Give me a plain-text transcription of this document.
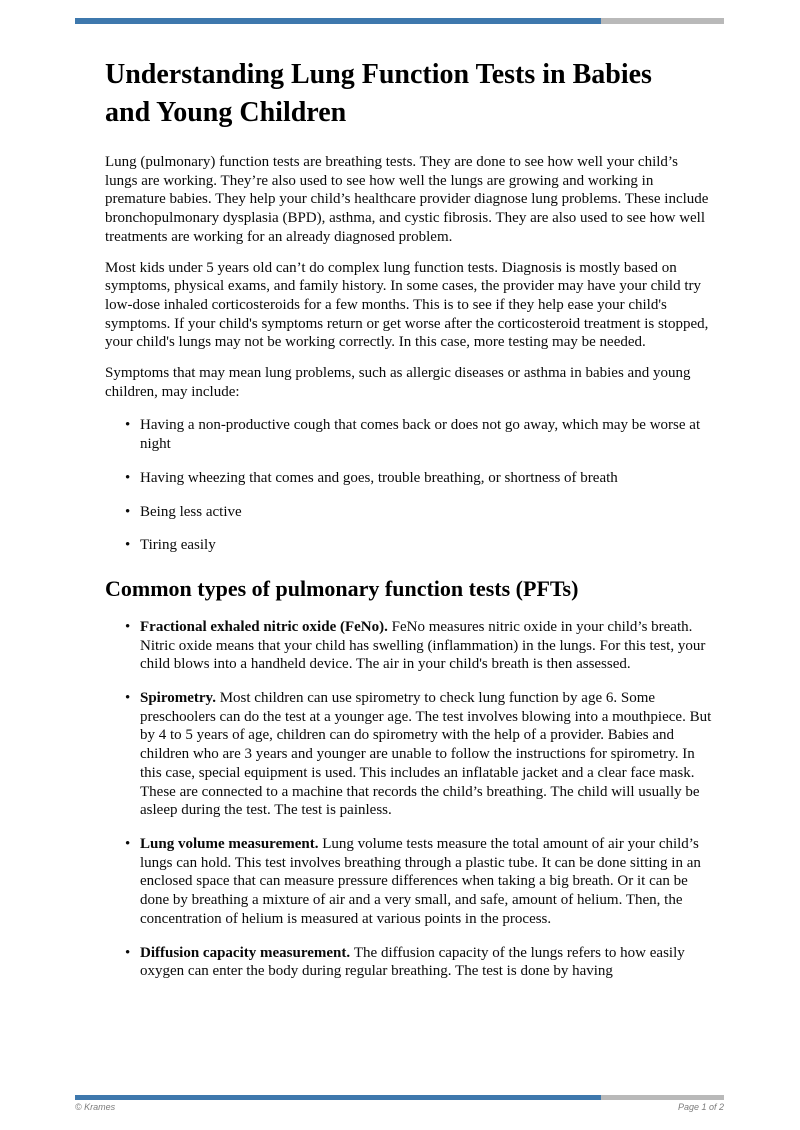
Understanding Lung Function Tests in Babies and Young Children

Lung (pulmonary) function tests are breathing tests. They are done to see how well your child’s lungs are working. They’re also used to see how well the lungs are growing and working in premature babies. They help your child’s healthcare provider diagnose lung problems. These include bronchopulmonary dysplasia (BPD), asthma, and cystic fibrosis. They are also used to see how well treatments are working for an already diagnosed problem.

Most kids under 5 years old can’t do complex lung function tests. Diagnosis is mostly based on symptoms, physical exams, and family history. In some cases, the provider may have your child try low-dose inhaled corticosteroids for a few months. This is to see if they help ease your child's symptoms. If your child's symptoms return or get worse after the corticosteroid treatment is stopped, your child's lungs may not be working correctly. In this case, more testing may be needed.

Symptoms that may mean lung problems, such as allergic diseases or asthma in babies and young children, may include:

• Having a non-productive cough that comes back or does not go away, which may be worse at night
• Having wheezing that comes and goes, trouble breathing, or shortness of breath
• Being less active
• Tiring easily
Common types of pulmonary function tests (PFTs)
• Fractional exhaled nitric oxide (FeNo). FeNo measures nitric oxide in your child’s breath. Nitric oxide means that your child has swelling (inflammation) in the lungs. For this test, your child blows into a handheld device. The air in your child's breath is then assessed.
• Spirometry. Most children can use spirometry to check lung function by age 6. Some preschoolers can do the test at a younger age. The test involves blowing into a mouthpiece. But by 4 to 5 years of age, children can do spirometry with the help of a provider. Babies and children who are 3 years and younger are unable to follow the instructions for spirometry. In this case, special equipment is used. This includes an inflatable jacket and a clear face mask. These are connected to a machine that records the child’s breathing. The child will usually be asleep during the test. The test is painless.
• Lung volume measurement. Lung volume tests measure the total amount of air your child’s lungs can hold. This test involves breathing through a plastic tube. It can be done sitting in an enclosed space that can measure pressure differences when taking a big breath. Or it can be done by breathing a mixture of air and a very small, and safe, amount of helium. Then, the concentration of helium is measured at various points in the process.
• Diffusion capacity measurement. The diffusion capacity of the lungs refers to how easily oxygen can enter the body during regular breathing. The test is done by having
© Krames	Page 1 of 2
